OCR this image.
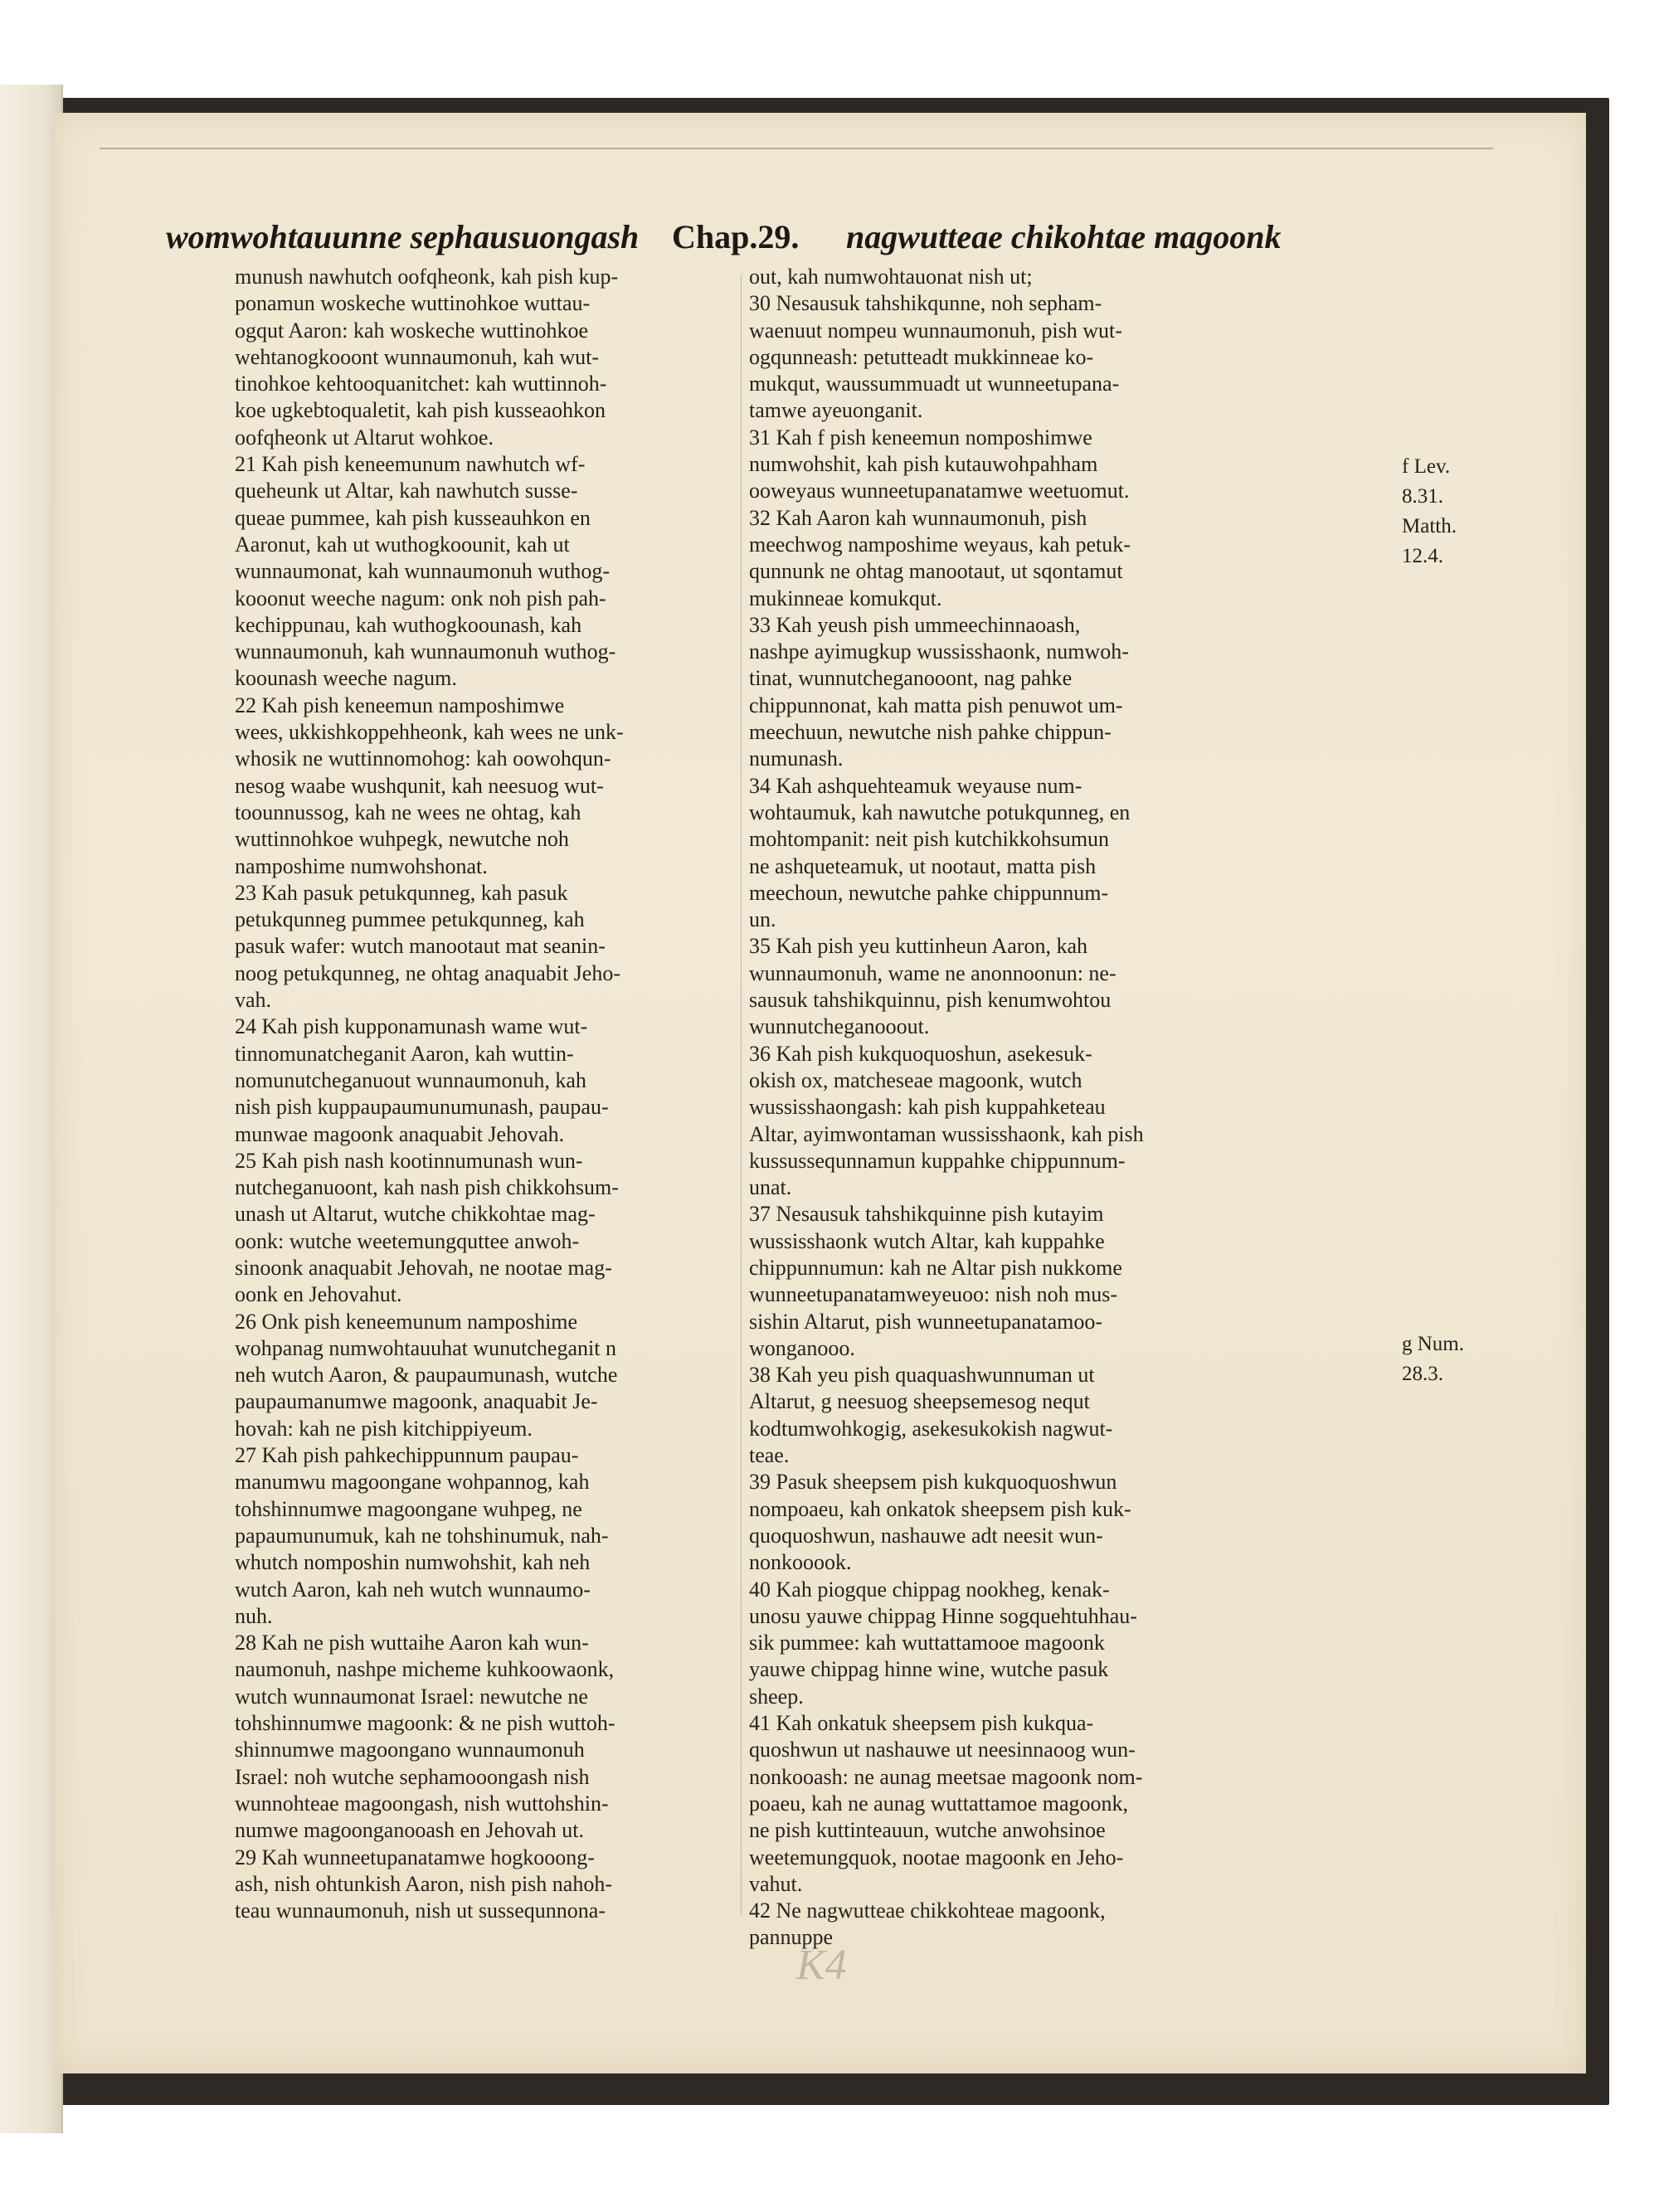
womwohtauunne sephausuongash Chap.29. nagwutteae chikohtae magoonk

munush nawhutch oofqheonk, kah pish kup-

ponamun woskeche wuttinohkoe wuttau-

ogqut Aaron: kah woskeche wuttinohkoe

wehtanogkooont wunnaumonuh, kah wut-

tinohkoe kehtooquanitchet: kah wuttinnoh-

koe ugkebtoqualetit, kah pish kusseaohkon

oofqheonk ut Altarut wohkoe.

21 Kah pish keneemunum nawhutch wf-

queheunk ut Altar, kah nawhutch susse-

queae pummee, kah pish kusseauhkon en

Aaronut, kah ut wuthogkoounit, kah ut

wunnaumonat, kah wunnaumonuh wuthog-

kooonut weeche nagum: onk noh pish pah-

kechippunau, kah wuthogkoounash, kah

wunnaumonuh, kah wunnaumonuh wuthog-

koounash weeche nagum.

22 Kah pish keneemun namposhimwe

wees, ukkishkoppehheonk, kah wees ne unk-

whosik ne wuttinnomohog: kah oowohqun-

nesog waabe wushqunit, kah neesuog wut-

toounnussog, kah ne wees ne ohtag, kah

wuttinnohkoe wuhpegk, newutche noh

namposhime numwohshonat.

23 Kah pasuk petukqunneg, kah pasuk

petukqunneg pummee petukqunneg, kah

pasuk wafer: wutch manootaut mat seanin-

noog petukqunneg, ne ohtag anaquabit Jeho-

vah.

24 Kah pish kupponamunash wame wut-

tinnomunatcheganit Aaron, kah wuttin-

nomunutcheganuout wunnaumonuh, kah

nish pish kuppaupaumunumunash, paupau-

munwae magoonk anaquabit Jehovah.

25 Kah pish nash kootinnumunash wun-

nutcheganuoont, kah nash pish chikkohsum-

unash ut Altarut, wutche chikkohtae mag-

oonk: wutche weetemungquttee anwoh-

sinoonk anaquabit Jehovah, ne nootae mag-

oonk en Jehovahut.

26 Onk pish keneemunum namposhime

wohpanag numwohtauuhat wunutcheganit n

neh wutch Aaron, & paupaumunash, wutche

paupaumanumwe magoonk, anaquabit Je-

hovah: kah ne pish kitchippiyeum.

27 Kah pish pahkechippunnum paupau-

manumwu magoongane wohpannog, kah

tohshinnumwe magoongane wuhpeg, ne

papaumunumuk, kah ne tohshinumuk, nah-

whutch nomposhin numwohshit, kah neh

wutch Aaron, kah neh wutch wunnaumo-

nuh.

28 Kah ne pish wuttaihe Aaron kah wun-

naumonuh, nashpe micheme kuhkoowaonk,

wutch wunnaumonat Israel: newutche ne

tohshinnumwe magoonk: & ne pish wuttoh-

shinnumwe magoongano wunnaumonuh

Israel: noh wutche sephamooongash nish

wunnohteae magoongash, nish wuttohshin-

numwe magoonganooash en Jehovah ut.

29 Kah wunneetupanatamwe hogkooong-

ash, nish ohtunkish Aaron, nish pish nahoh-

teau wunnaumonuh, nish ut sussequnnona-

out, kah numwohtauonat nish ut;

30 Nesausuk tahshikqunne, noh sepham-

waenuut nompeu wunnaumonuh, pish wut-

ogqunneash: petutteadt mukkinneae ko-

mukqut, waussummuadt ut wunneetupana-

tamwe ayeuonganit.

31 Kah f pish keneemun nomposhimwe

numwohshit, kah pish kutauwohpahham

ooweyaus wunneetupanatamwe weetuomut.

32 Kah Aaron kah wunnaumonuh, pish

meechwog namposhime weyaus, kah petuk-

qunnunk ne ohtag manootaut, ut sqontamut

mukinneae komukqut.

33 Kah yeush pish ummeechinnaoash,

nashpe ayimugkup wussisshaonk, numwoh-

tinat, wunnutcheganooont, nag pahke

chippunnonat, kah matta pish penuwot um-

meechuun, newutche nish pahke chippun-

numunash.

34 Kah ashquehteamuk weyause num-

wohtaumuk, kah nawutche potukqunneg, en

mohtompanit: neit pish kutchikkohsumun

ne ashqueteamuk, ut nootaut, matta pish

meechoun, newutche pahke chippunnum-

un.

35 Kah pish yeu kuttinheun Aaron, kah

wunnaumonuh, wame ne anonnoonun: ne-

sausuk tahshikquinnu, pish kenumwohtou

wunnutcheganooout.

36 Kah pish kukquoquoshun, asekesuk-

okish ox, matcheseae magoonk, wutch

wussisshaongash: kah pish kuppahketeau

Altar, ayimwontaman wussisshaonk, kah pish

kussussequnnamun kuppahke chippunnum-

unat.

37 Nesausuk tahshikquinne pish kutayim

wussisshaonk wutch Altar, kah kuppahke

chippunnumun: kah ne Altar pish nukkome

wunneetupanatamweyeuoo: nish noh mus-

sishin Altarut, pish wunneetupanatamoo-

wonganooo.

38 Kah yeu pish quaquashwunnuman ut

Altarut, g neesuog sheepsemesog nequt

kodtumwohkogig, asekesukokish nagwut-

teae.

39 Pasuk sheepsem pish kukquoquoshwun

nompoaeu, kah onkatok sheepsem pish kuk-

quoquoshwun, nashauwe adt neesit wun-

nonkooook.

40 Kah piogque chippag nookheg, kenak-

unosu yauwe chippag Hinne sogquehtuhhau-

sik pummee: kah wuttattamooe magoonk

yauwe chippag hinne wine, wutche pasuk

sheep.

41 Kah onkatuk sheepsem pish kukqua-

quoshwun ut nashauwe ut neesinnaoog wun-

nonkooash: ne aunag meetsae magoonk nom-

poaeu, kah ne aunag wuttattamoe magoonk,

ne pish kuttinteauun, wutche anwohsinoe

weetemungquok, nootae magoonk en Jeho-

vahut.

42 Ne nagwutteae chikkohteae magoonk,

pannuppe

f Lev.

8.31.

Matth.

12.4.

g Num.

28.3.

K4
